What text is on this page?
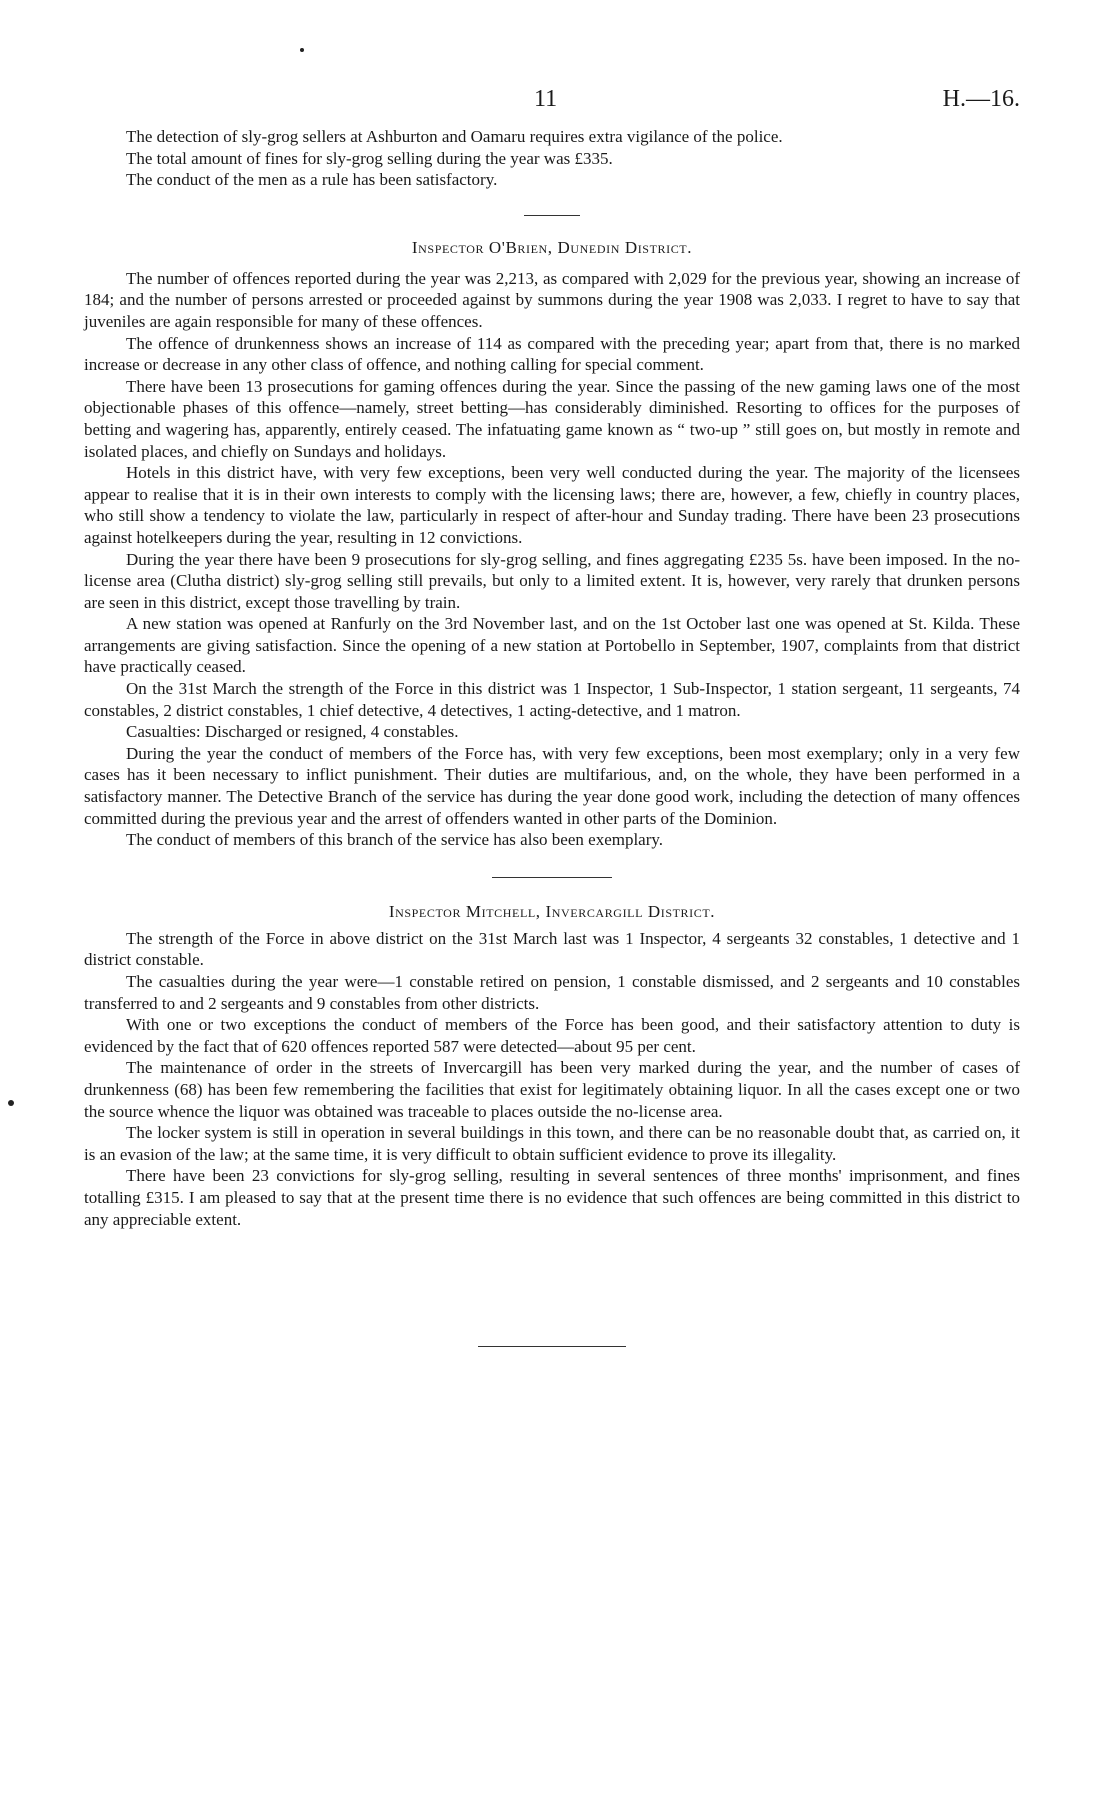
11	H.—16.

The detection of sly-grog sellers at Ashburton and Oamaru requires extra vigilance of the police.

The total amount of fines for sly-grog selling during the year was £335.

The conduct of the men as a rule has been satisfactory.

Inspector O'Brien, Dunedin District.

The number of offences reported during the year was 2,213, as compared with 2,029 for the previous year, showing an increase of 184; and the number of persons arrested or proceeded against by summons during the year 1908 was 2,033. I regret to have to say that juveniles are again responsible for many of these offences.

The offence of drunkenness shows an increase of 114 as compared with the preceding year; apart from that, there is no marked increase or decrease in any other class of offence, and nothing calling for special comment.

There have been 13 prosecutions for gaming offences during the year. Since the passing of the new gaming laws one of the most objectionable phases of this offence—namely, street betting—has considerably diminished. Resorting to offices for the purposes of betting and wagering has, apparently, entirely ceased. The infatuating game known as “ two-up ” still goes on, but mostly in remote and isolated places, and chiefly on Sundays and holidays.

Hotels in this district have, with very few exceptions, been very well conducted during the year. The majority of the licensees appear to realise that it is in their own interests to comply with the licensing laws; there are, however, a few, chiefly in country places, who still show a tendency to violate the law, particularly in respect of after-hour and Sunday trading. There have been 23 prosecutions against hotelkeepers during the year, resulting in 12 convictions.

During the year there have been 9 prosecutions for sly-grog selling, and fines aggregating £235 5s. have been imposed. In the no-license area (Clutha district) sly-grog selling still prevails, but only to a limited extent. It is, however, very rarely that drunken persons are seen in this district, except those travelling by train.

A new station was opened at Ranfurly on the 3rd November last, and on the 1st October last one was opened at St. Kilda. These arrangements are giving satisfaction. Since the opening of a new station at Portobello in September, 1907, complaints from that district have practically ceased.

On the 31st March the strength of the Force in this district was 1 Inspector, 1 Sub-Inspector, 1 station sergeant, 11 sergeants, 74 constables, 2 district constables, 1 chief detective, 4 detectives, 1 acting-detective, and 1 matron.

Casualties: Discharged or resigned, 4 constables.

During the year the conduct of members of the Force has, with very few exceptions, been most exemplary; only in a very few cases has it been necessary to inflict punishment. Their duties are multifarious, and, on the whole, they have been performed in a satisfactory manner. The Detective Branch of the service has during the year done good work, including the detection of many offences committed during the previous year and the arrest of offenders wanted in other parts of the Dominion.

The conduct of members of this branch of the service has also been exemplary.

Inspector Mitchell, Invercargill District.

The strength of the Force in above district on the 31st March last was 1 Inspector, 4 sergeants 32 constables, 1 detective and 1 district constable.

The casualties during the year were—1 constable retired on pension, 1 constable dismissed, and 2 sergeants and 10 constables transferred to and 2 sergeants and 9 constables from other districts.

With one or two exceptions the conduct of members of the Force has been good, and their satisfactory attention to duty is evidenced by the fact that of 620 offences reported 587 were detected—about 95 per cent.

The maintenance of order in the streets of Invercargill has been very marked during the year, and the number of cases of drunkenness (68) has been few remembering the facilities that exist for legitimately obtaining liquor. In all the cases except one or two the source whence the liquor was obtained was traceable to places outside the no-license area.

The locker system is still in operation in several buildings in this town, and there can be no reasonable doubt that, as carried on, it is an evasion of the law; at the same time, it is very difficult to obtain sufficient evidence to prove its illegality.

There have been 23 convictions for sly-grog selling, resulting in several sentences of three months' imprisonment, and fines totalling £315. I am pleased to say that at the present time there is no evidence that such offences are being committed in this district to any appreciable extent.
